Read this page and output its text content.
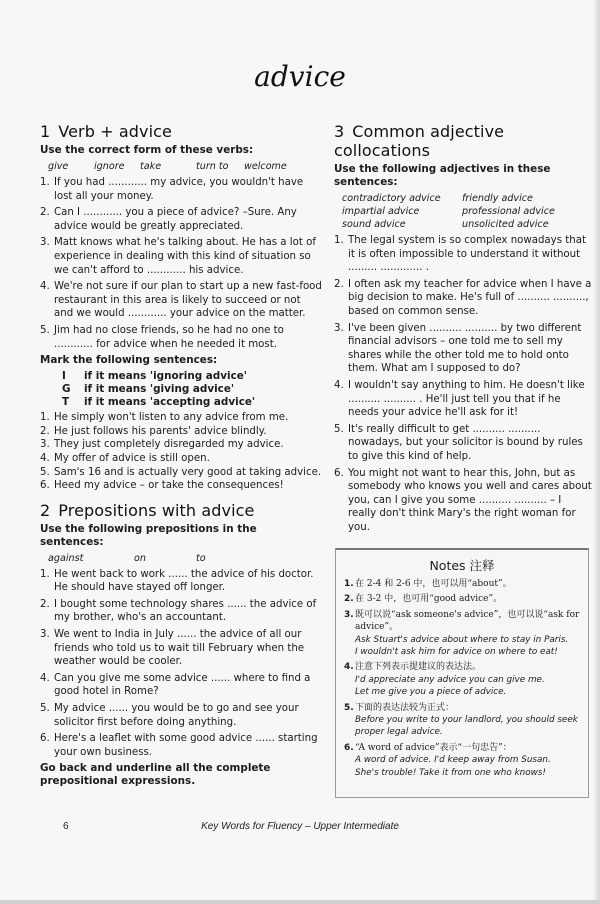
advice
1 Verb + advice
Use the correct form of these verbs:
give	ignore take	turn to welcome
1. If you had ............ my advice, you wouldn't have lost all your money.
2. Can I ............ you a piece of advice? –Sure. Any advice would be greatly appreciated.
3. Matt knows what he's talking about. He has a lot of experience in dealing with this kind of situation so we can't afford to ............ his advice.
4. We're not sure if our plan to start up a new fast-food restaurant in this area is likely to succeed or not and we would ............ your advice on the matter.
5. Jim had no close friends, so he had no one to ............ for advice when he needed it most.
Mark the following sentences:
I if it means 'ignoring advice'
G if it means 'giving advice'
T if it means 'accepting advice'
1. He simply won't listen to any advice from me.
2. He just follows his parents' advice blindly.
3. They just completely disregarded my advice.
4. My offer of advice is still open.
5. Sam's 16 and is actually very good at taking advice.
6. Heed my advice – or take the consequences!
2 Prepositions with advice
Use the following prepositions in the sentences:
against	on	to
1. He went back to work ...... the advice of his doctor. He should have stayed off longer.
2. I bought some technology shares ...... the advice of my brother, who's an accountant.
3. We went to India in July ...... the advice of all our friends who told us to wait till February when the weather would be cooler.
4. Can you give me some advice ...... where to find a good hotel in Rome?
5. My advice ...... you would be to go and see your solicitor first before doing anything.
6. Here's a leaflet with some good advice ...... starting your own business.
Go back and underline all the complete prepositional expressions.
3 Common adjective collocations
Use the following adjectives in these sentences:
contradictory advice	friendly advice
impartial advice	professional advice
sound advice	unsolicited advice
1. The legal system is so complex nowadays that it is often impossible to understand it without ......... ............. .
2. I often ask my teacher for advice when I have a big decision to make. He's full of .......... .........., based on common sense.
3. I've been given .......... .......... by two different financial advisors – one told me to sell my shares while the other told me to hold onto them. What am I supposed to do?
4. I wouldn't say anything to him. He doesn't like .......... .......... . He'll just tell you that if he needs your advice he'll ask for it!
5. It's really difficult to get .......... .......... nowadays, but your solicitor is bound by rules to give this kind of help.
6. You might not want to hear this, John, but as somebody who knows you well and cares about you, can I give you some .......... .......... – I really don't think Mary's the right woman for you.
Notes 注释
1. 在 2-4 和 2-6 中，也可以用“about”。
2. 在 3-2 中，也可用“good advice”。
3. 既可以说“ask someone's advice”，也可以说“ask for advice”。
Ask Stuart's advice about where to stay in Paris.
I wouldn't ask him for advice on where to eat!
4. 注意下列表示提建议的表达法。
I'd appreciate any advice you can give me.
Let me give you a piece of advice.
5. 下面的表达法较为正式：
Before you write to your landlord, you should seek proper legal advice.
6. “A word of advice”表示“一句忠告”：
A word of advice. I'd keep away from Susan.
She's trouble! Take it from one who knows!
6	Key Words for Fluency – Upper Intermediate
